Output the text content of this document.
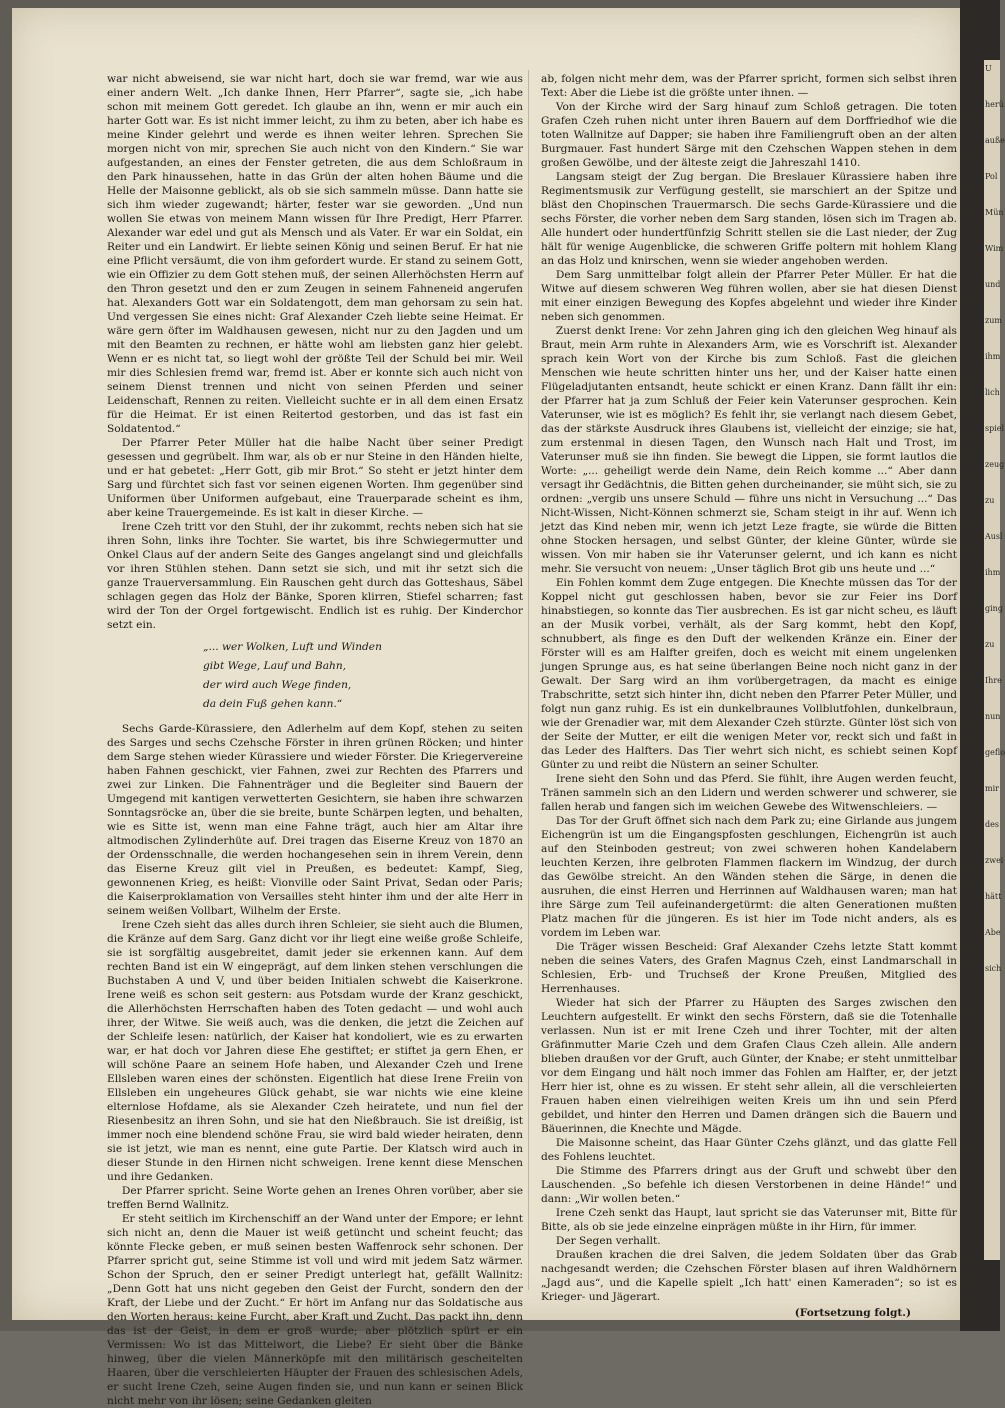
U
herü
auße
Pol
Mün
Wim
und
zum
ihm
lich
spiel
zeug
zu
Ausl
ihm
ging
zu
Ihre
nun
geflo
mir
des
zwei
hätt
Abe
sich

war nicht abweisend, sie war nicht hart, doch sie war fremd, war wie aus einer andern Welt. „Ich danke Ihnen, Herr Pfarrer“, sagte sie, „ich habe schon mit meinem Gott geredet. Ich glaube an ihn, wenn er mir auch ein harter Gott war. Es ist nicht immer leicht, zu ihm zu beten, aber ich habe es meine Kinder gelehrt und werde es ihnen weiter lehren. Sprechen Sie morgen nicht von mir, sprechen Sie auch nicht von den Kindern.“ Sie war aufgestanden, an eines der Fenster getreten, die aus dem Schloßraum in den Park hinaussehen, hatte in das Grün der alten hohen Bäume und die Helle der Maisonne geblickt, als ob sie sich sammeln müsse. Dann hatte sie sich ihm wieder zugewandt; härter, fester war sie geworden. „Und nun wollen Sie etwas von meinem Mann wissen für Ihre Predigt, Herr Pfarrer. Alexander war edel und gut als Mensch und als Vater. Er war ein Soldat, ein Reiter und ein Landwirt. Er liebte seinen König und seinen Beruf. Er hat nie eine Pflicht versäumt, die von ihm gefordert wurde. Er stand zu seinem Gott, wie ein Offizier zu dem Gott stehen muß, der seinen Allerhöchsten Herrn auf den Thron gesetzt und den er zum Zeugen in seinem Fahneneid angerufen hat. Alexanders Gott war ein Soldatengott, dem man gehorsam zu sein hat. Und vergessen Sie eines nicht: Graf Alexander Czeh liebte seine Heimat. Er wäre gern öfter im Waldhausen gewesen, nicht nur zu den Jagden und um mit den Beamten zu rechnen, er hätte wohl am liebsten ganz hier gelebt. Wenn er es nicht tat, so liegt wohl der größte Teil der Schuld bei mir. Weil mir dies Schlesien fremd war, fremd ist. Aber er konnte sich auch nicht von seinem Dienst trennen und nicht von seinen Pferden und seiner Leidenschaft, Rennen zu reiten. Vielleicht suchte er in all dem einen Ersatz für die Heimat. Er ist einen Reitertod gestorben, und das ist fast ein Soldatentod.“

Der Pfarrer Peter Müller hat die halbe Nacht über seiner Predigt gesessen und gegrübelt. Ihm war, als ob er nur Steine in den Händen hielte, und er hat gebetet: „Herr Gott, gib mir Brot.“ So steht er jetzt hinter dem Sarg und fürchtet sich fast vor seinen eigenen Worten. Ihm gegenüber sind Uniformen über Uniformen aufgebaut, eine Trauerparade scheint es ihm, aber keine Trauergemeinde. Es ist kalt in dieser Kirche. —

Irene Czeh tritt vor den Stuhl, der ihr zukommt, rechts neben sich hat sie ihren Sohn, links ihre Tochter. Sie wartet, bis ihre Schwiegermutter und Onkel Claus auf der andern Seite des Ganges angelangt sind und gleichfalls vor ihren Stühlen stehen. Dann setzt sie sich, und mit ihr setzt sich die ganze Trauerversammlung. Ein Rauschen geht durch das Gotteshaus, Säbel schlagen gegen das Holz der Bänke, Sporen klirren, Stiefel scharren; fast wird der Ton der Orgel fortgewischt. Endlich ist es ruhig. Der Kinderchor setzt ein.

„... wer Wolken, Luft und Winden
gibt Wege, Lauf und Bahn,
der wird auch Wege finden,
da dein Fuß gehen kann.“

Sechs Garde-Kürassiere, den Adlerhelm auf dem Kopf, stehen zu seiten des Sarges und sechs Czehsche Förster in ihren grünen Röcken; und hinter dem Sarge stehen wieder Kürassiere und wieder Förster. Die Kriegervereine haben Fahnen geschickt, vier Fahnen, zwei zur Rechten des Pfarrers und zwei zur Linken. Die Fahnenträger und die Begleiter sind Bauern der Umgegend mit kantigen verwetterten Gesichtern, sie haben ihre schwarzen Sonntagsröcke an, über die sie breite, bunte Schärpen legten, und behalten, wie es Sitte ist, wenn man eine Fahne trägt, auch hier am Altar ihre altmodischen Zylinderhüte auf. Drei tragen das Eiserne Kreuz von 1870 an der Ordensschnalle, die werden hochangesehen sein in ihrem Verein, denn das Eiserne Kreuz gilt viel in Preußen, es bedeutet: Kampf, Sieg, gewonnenen Krieg, es heißt: Vionville oder Saint Privat, Sedan oder Paris; die Kaiserproklamation von Versailles steht hinter ihm und der alte Herr in seinem weißen Vollbart, Wilhelm der Erste.

Irene Czeh sieht das alles durch ihren Schleier, sie sieht auch die Blumen, die Kränze auf dem Sarg. Ganz dicht vor ihr liegt eine weiße große Schleife, sie ist sorgfältig ausgebreitet, damit jeder sie erkennen kann. Auf dem rechten Band ist ein W eingeprägt, auf dem linken stehen verschlungen die Buchstaben A und V, und über beiden Initialen schwebt die Kaiserkrone. Irene weiß es schon seit gestern: aus Potsdam wurde der Kranz geschickt, die Allerhöchsten Herrschaften haben des Toten gedacht — und wohl auch ihrer, der Witwe. Sie weiß auch, was die denken, die jetzt die Zeichen auf der Schleife lesen: natürlich, der Kaiser hat kondoliert, wie es zu erwarten war, er hat doch vor Jahren diese Ehe gestiftet; er stiftet ja gern Ehen, er will schöne Paare an seinem Hofe haben, und Alexander Czeh und Irene Ellsleben waren eines der schönsten. Eigentlich hat diese Irene Freiin von Ellsleben ein ungeheures Glück gehabt, sie war nichts wie eine kleine elternlose Hofdame, als sie Alexander Czeh heiratete, und nun fiel der Riesenbesitz an ihren Sohn, und sie hat den Nießbrauch. Sie ist dreißig, ist immer noch eine blendend schöne Frau, sie wird bald wieder heiraten, denn sie ist jetzt, wie man es nennt, eine gute Partie. Der Klatsch wird auch in dieser Stunde in den Hirnen nicht schweigen. Irene kennt diese Menschen und ihre Gedanken.

Der Pfarrer spricht. Seine Worte gehen an Irenes Ohren vorüber, aber sie treffen Bernd Wallnitz.

Er steht seitlich im Kirchenschiff an der Wand unter der Empore; er lehnt sich nicht an, denn die Mauer ist weiß getüncht und scheint feucht; das könnte Flecke geben, er muß seinen besten Waffenrock sehr schonen. Der Pfarrer spricht gut, seine Stimme ist voll und wird mit jedem Satz wärmer. Schon der Spruch, den er seiner Predigt unterlegt hat, gefällt Wallnitz: „Denn Gott hat uns nicht gegeben den Geist der Furcht, sondern den der Kraft, der Liebe und der Zucht.“ Er hört im Anfang nur das Soldatische aus den Worten heraus: keine Furcht, aber Kraft und Zucht. Das packt ihn, denn das ist der Geist, in dem er groß wurde; aber plötzlich spürt er ein Vermissen: Wo ist das Mittelwort, die Liebe? Er sieht über die Bänke hinweg, über die vielen Männerköpfe mit den militärisch gescheitelten Haaren, über die verschleierten Häupter der Frauen des schlesischen Adels, er sucht Irene Czeh, seine Augen finden sie, und nun kann er seinen Blick nicht mehr von ihr lösen; seine Gedanken gleiten

ab, folgen nicht mehr dem, was der Pfarrer spricht, formen sich selbst ihren Text: Aber die Liebe ist die größte unter ihnen. —

Von der Kirche wird der Sarg hinauf zum Schloß getragen. Die toten Grafen Czeh ruhen nicht unter ihren Bauern auf dem Dorffriedhof wie die toten Wallnitze auf Dapper; sie haben ihre Familiengruft oben an der alten Burgmauer. Fast hundert Särge mit den Czehschen Wappen stehen in dem großen Gewölbe, und der älteste zeigt die Jahreszahl 1410.

Langsam steigt der Zug bergan. Die Breslauer Kürassiere haben ihre Regimentsmusik zur Verfügung gestellt, sie marschiert an der Spitze und bläst den Chopinschen Trauermarsch. Die sechs Garde-Kürassiere und die sechs Förster, die vorher neben dem Sarg standen, lösen sich im Tragen ab. Alle hundert oder hundertfünfzig Schritt stellen sie die Last nieder, der Zug hält für wenige Augenblicke, die schweren Griffe poltern mit hohlem Klang an das Holz und knirschen, wenn sie wieder angehoben werden.

Dem Sarg unmittelbar folgt allein der Pfarrer Peter Müller. Er hat die Witwe auf diesem schweren Weg führen wollen, aber sie hat diesen Dienst mit einer einzigen Bewegung des Kopfes abgelehnt und wieder ihre Kinder neben sich genommen.

Zuerst denkt Irene: Vor zehn Jahren ging ich den gleichen Weg hinauf als Braut, mein Arm ruhte in Alexanders Arm, wie es Vorschrift ist. Alexander sprach kein Wort von der Kirche bis zum Schloß. Fast die gleichen Menschen wie heute schritten hinter uns her, und der Kaiser hatte einen Flügeladjutanten entsandt, heute schickt er einen Kranz. Dann fällt ihr ein: der Pfarrer hat ja zum Schluß der Feier kein Vaterunser gesprochen. Kein Vaterunser, wie ist es möglich? Es fehlt ihr, sie verlangt nach diesem Gebet, das der stärkste Ausdruck ihres Glaubens ist, vielleicht der einzige; sie hat, zum erstenmal in diesen Tagen, den Wunsch nach Halt und Trost, im Vaterunser muß sie ihn finden. Sie bewegt die Lippen, sie formt lautlos die Worte: „... geheiligt werde dein Name, dein Reich komme ...“ Aber dann versagt ihr Gedächtnis, die Bitten gehen durcheinander, sie müht sich, sie zu ordnen: „vergib uns unsere Schuld — führe uns nicht in Versuchung ...“ Das Nicht-Wissen, Nicht-Können schmerzt sie, Scham steigt in ihr auf. Wenn ich jetzt das Kind neben mir, wenn ich jetzt Leze fragte, sie würde die Bitten ohne Stocken hersagen, und selbst Günter, der kleine Günter, würde sie wissen. Von mir haben sie ihr Vaterunser gelernt, und ich kann es nicht mehr. Sie versucht von neuem: „Unser täglich Brot gib uns heute und ...“

Ein Fohlen kommt dem Zuge entgegen. Die Knechte müssen das Tor der Koppel nicht gut geschlossen haben, bevor sie zur Feier ins Dorf hinabstiegen, so konnte das Tier ausbrechen. Es ist gar nicht scheu, es läuft an der Musik vorbei, verhält, als der Sarg kommt, hebt den Kopf, schnubbert, als finge es den Duft der welkenden Kränze ein. Einer der Förster will es am Halfter greifen, doch es weicht mit einem ungelenken jungen Sprunge aus, es hat seine überlangen Beine noch nicht ganz in der Gewalt. Der Sarg wird an ihm vorübergetragen, da macht es einige Trabschritte, setzt sich hinter ihn, dicht neben den Pfarrer Peter Müller, und folgt nun ganz ruhig. Es ist ein dunkelbraunes Vollblutfohlen, dunkelbraun, wie der Grenadier war, mit dem Alexander Czeh stürzte. Günter löst sich von der Seite der Mutter, er eilt die wenigen Meter vor, reckt sich und faßt in das Leder des Halfters. Das Tier wehrt sich nicht, es schiebt seinen Kopf Günter zu und reibt die Nüstern an seiner Schulter.

Irene sieht den Sohn und das Pferd. Sie fühlt, ihre Augen werden feucht, Tränen sammeln sich an den Lidern und werden schwerer und schwerer, sie fallen herab und fangen sich im weichen Gewebe des Witwenschleiers. —

Das Tor der Gruft öffnet sich nach dem Park zu; eine Girlande aus jungem Eichengrün ist um die Eingangspfosten geschlungen, Eichengrün ist auch auf den Steinboden gestreut; von zwei schweren hohen Kandelabern leuchten Kerzen, ihre gelbroten Flammen flackern im Windzug, der durch das Gewölbe streicht. An den Wänden stehen die Särge, in denen die ausruhen, die einst Herren und Herrinnen auf Waldhausen waren; man hat ihre Särge zum Teil aufeinandergetürmt: die alten Generationen mußten Platz machen für die jüngeren. Es ist hier im Tode nicht anders, als es vordem im Leben war.

Die Träger wissen Bescheid: Graf Alexander Czehs letzte Statt kommt neben die seines Vaters, des Grafen Magnus Czeh, einst Landmarschall in Schlesien, Erb- und Truchseß der Krone Preußen, Mitglied des Herrenhauses.

Wieder hat sich der Pfarrer zu Häupten des Sarges zwischen den Leuchtern aufgestellt. Er winkt den sechs Förstern, daß sie die Totenhalle verlassen. Nun ist er mit Irene Czeh und ihrer Tochter, mit der alten Gräfinmutter Marie Czeh und dem Grafen Claus Czeh allein. Alle andern blieben draußen vor der Gruft, auch Günter, der Knabe; er steht unmittelbar vor dem Eingang und hält noch immer das Fohlen am Halfter, er, der jetzt Herr hier ist, ohne es zu wissen. Er steht sehr allein, all die verschleierten Frauen haben einen vielreihigen weiten Kreis um ihn und sein Pferd gebildet, und hinter den Herren und Damen drängen sich die Bauern und Bäuerinnen, die Knechte und Mägde.

Die Maisonne scheint, das Haar Günter Czehs glänzt, und das glatte Fell des Fohlens leuchtet.

Die Stimme des Pfarrers dringt aus der Gruft und schwebt über den Lauschenden. „So befehle ich diesen Verstorbenen in deine Hände!“ und dann: „Wir wollen beten.“

Irene Czeh senkt das Haupt, laut spricht sie das Vaterunser mit, Bitte für Bitte, als ob sie jede einzelne einprägen müßte in ihr Hirn, für immer.

Der Segen verhallt.

Draußen krachen die drei Salven, die jedem Soldaten über das Grab nachgesandt werden; die Czehschen Förster blasen auf ihren Waldhörnern „Jagd aus“, und die Kapelle spielt „Ich hatt' einen Kameraden“; so ist es Krieger- und Jägerart.

(Fortsetzung folgt.)
